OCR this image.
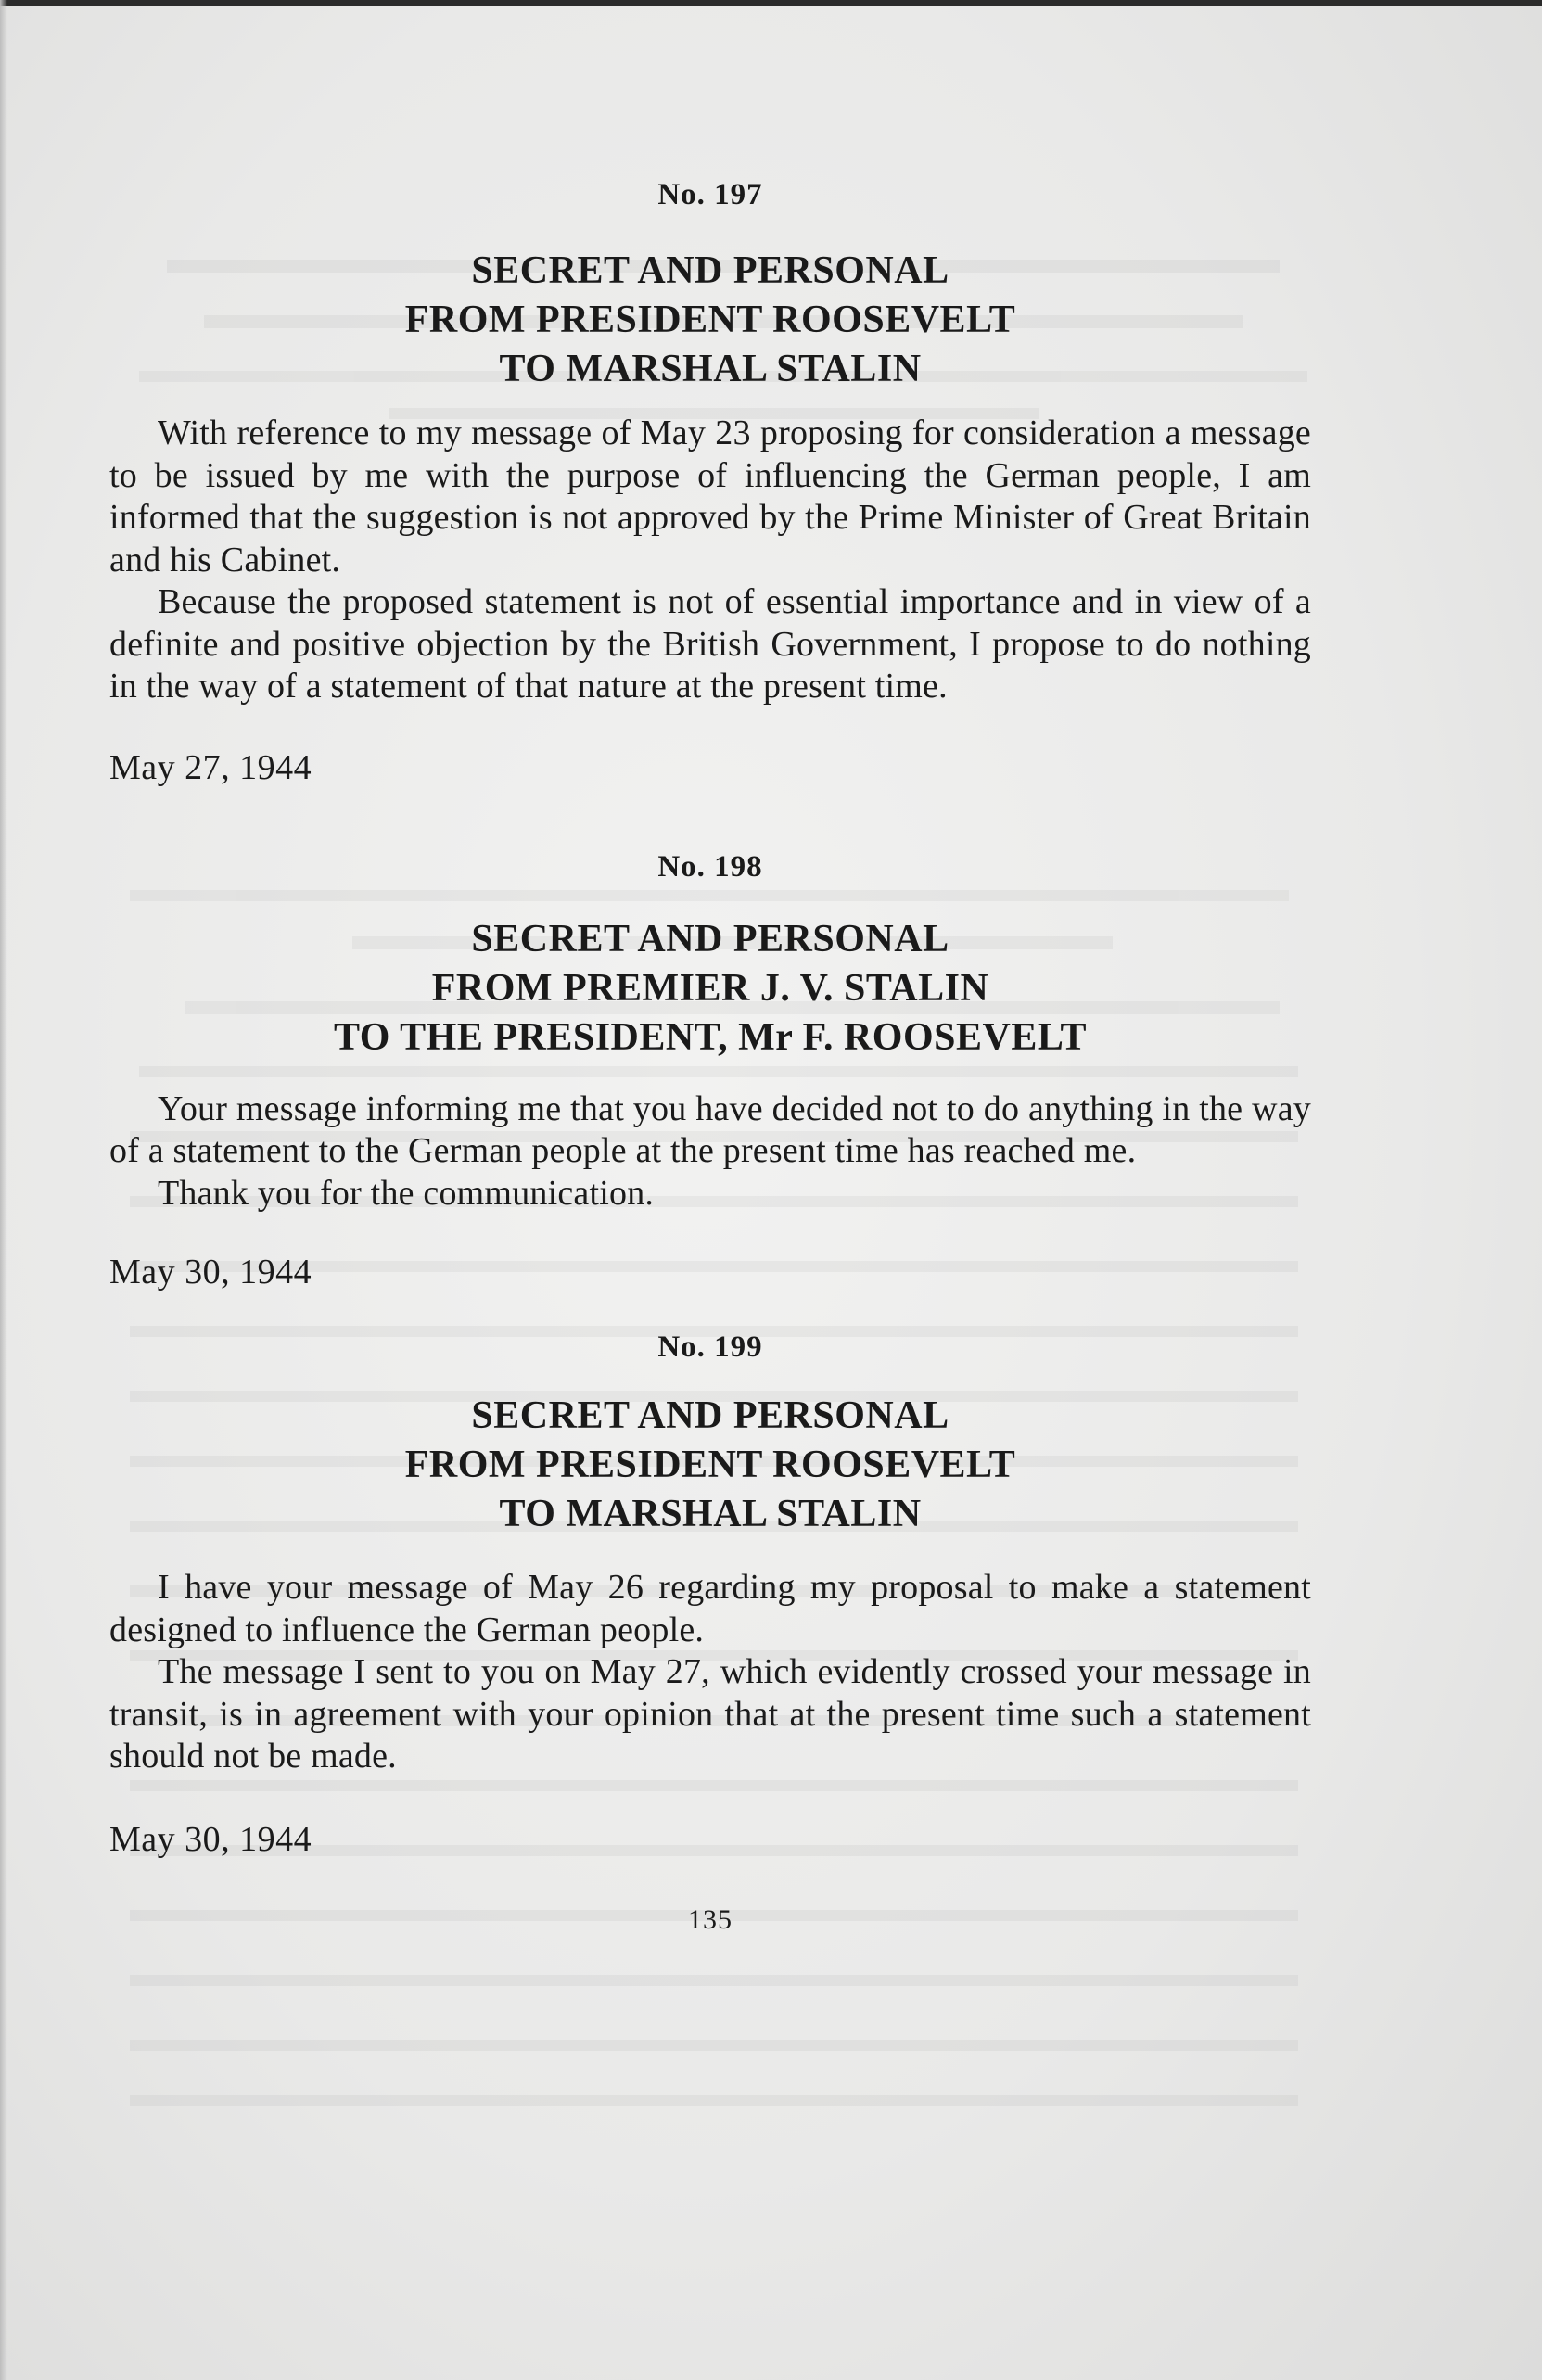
No. 197
SECRET AND PERSONAL
FROM PRESIDENT ROOSEVELT
TO MARSHAL STALIN

With reference to my message of May 23 proposing for consideration a message to be issued by me with the purpose of influencing the German people, I am informed that the suggestion is not approved by the Prime Minister of Great Britain and his Cabinet.

Because the proposed statement is not of essential importance and in view of a definite and positive objection by the British Government, I propose to do nothing in the way of a statement of that nature at the present time.

May 27, 1944

No. 198
SECRET AND PERSONAL
FROM PREMIER J. V. STALIN
TO THE PRESIDENT, Mr F. ROOSEVELT

Your message informing me that you have decided not to do anything in the way of a statement to the German people at the present time has reached me.

Thank you for the communication.

May 30, 1944

No. 199
SECRET AND PERSONAL
FROM PRESIDENT ROOSEVELT
TO MARSHAL STALIN

I have your message of May 26 regarding my proposal to make a statement designed to influence the German people.

The message I sent to you on May 27, which evidently crossed your message in transit, is in agreement with your opinion that at the present time such a statement should not be made.

May 30, 1944

135
